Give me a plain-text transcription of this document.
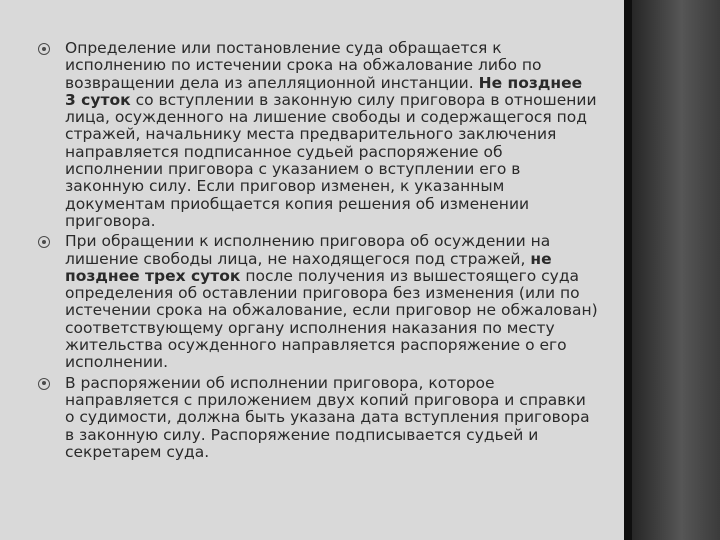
Определение или постановление суда обращается к исполнению по истечении срока на обжалование либо по возвращении дела из апелляционной инстанции. Не позднее 3 суток со вступлении в законную силу приговора в отношении лица, осужденного на лишение свободы и содержащегося под стражей, начальнику места предварительного заключения направляется подписанное судьей распоряжение об исполнении приговора с указанием о вступлении его в законную силу. Если приговор изменен, к указанным документам приобщается копия решения об изменении приговора.
При обращении к исполнению приговора об осуждении на лишение свободы лица, не находящегося под стражей, не позднее трех суток после получения из вышестоящего суда определения об оставлении приговора без изменения (или по истечении срока на обжалование, если приговор не обжалован) соответствующему органу исполнения наказания по месту жительства осужденного направляется распоряжение о его исполнении.
В распоряжении об исполнении приговора, которое направляется с приложением двух копий приговора и справки о судимости, должна быть указана дата вступления приговора в законную силу. Распоряжение подписывается судьей и секретарем суда.
